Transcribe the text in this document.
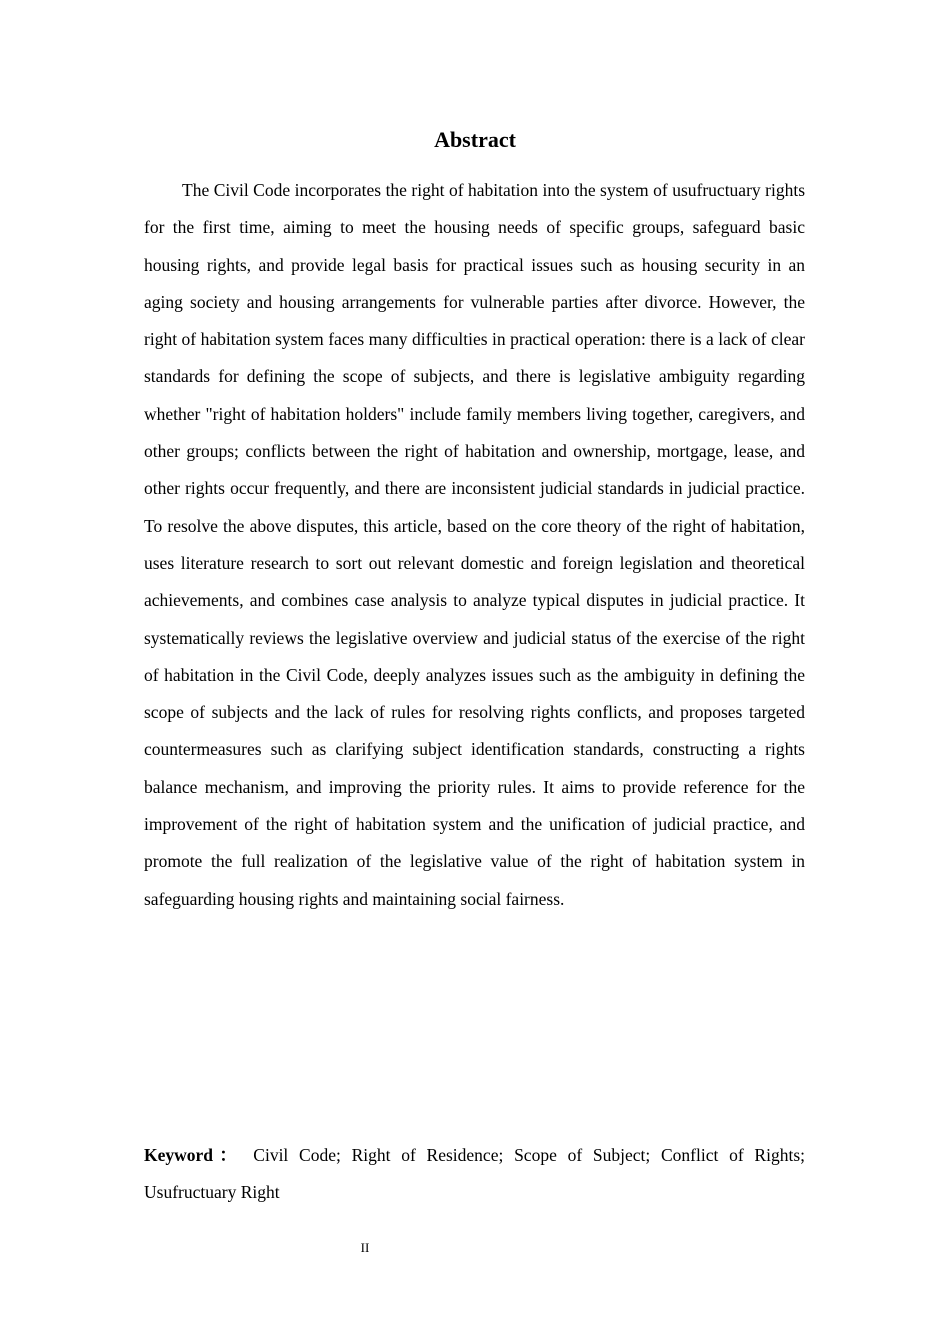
Abstract

The Civil Code incorporates the right of habitation into the system of usufructuary rights for the first time, aiming to meet the housing needs of specific groups, safeguard basic housing rights, and provide legal basis for practical issues such as housing security in an aging society and housing arrangements for vulnerable parties after divorce. However, the right of habitation system faces many difficulties in practical operation: there is a lack of clear standards for defining the scope of subjects, and there is legislative ambiguity regarding whether "right of habitation holders" include family members living together, caregivers, and other groups; conflicts between the right of habitation and ownership, mortgage, lease, and other rights occur frequently, and there are inconsistent judicial standards in judicial practice. To resolve the above disputes, this article, based on the core theory of the right of habitation, uses literature research to sort out relevant domestic and foreign legislation and theoretical achievements, and combines case analysis to analyze typical disputes in judicial practice. It systematically reviews the legislative overview and judicial status of the exercise of the right of habitation in the Civil Code, deeply analyzes issues such as the ambiguity in defining the scope of subjects and the lack of rules for resolving rights conflicts, and proposes targeted countermeasures such as clarifying subject identification standards, constructing a rights balance mechanism, and improving the priority rules. It aims to provide reference for the improvement of the right of habitation system and the unification of judicial practice, and promote the full realization of the legislative value of the right of habitation system in safeguarding housing rights and maintaining social fairness.

Keyword： Civil Code; Right of Residence; Scope of Subject; Conflict of Rights; Usufructuary Right

II
